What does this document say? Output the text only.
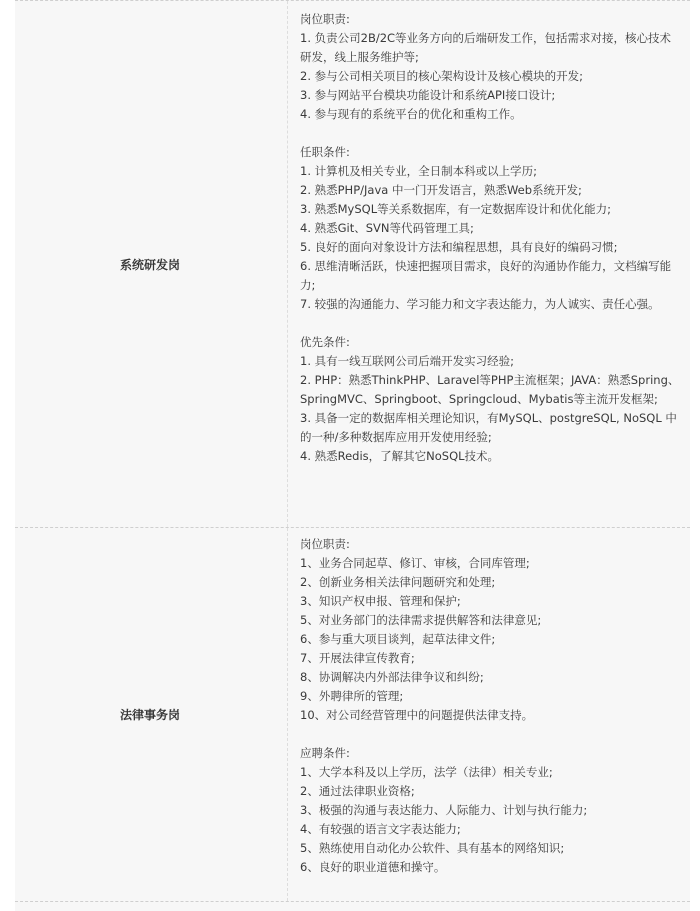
系统研发岗
岗位职责:
1. 负责公司2B/2C等业务方向的后端研发工作，包括需求对接，核心技术研发，线上服务维护等;
2. 参与公司相关项目的核心架构设计及核心模块的开发;
3. 参与网站平台模块功能设计和系统API接口设计;
4. 参与现有的系统平台的优化和重构工作。
任职条件:
1. 计算机及相关专业，全日制本科或以上学历;
2. 熟悉PHP/Java 中一门开发语言，熟悉Web系统开发;
3. 熟悉MySQL等关系数据库，有一定数据库设计和优化能力;
4. 熟悉Git、SVN等代码管理工具;
5. 良好的面向对象设计方法和编程思想，具有良好的编码习惯;
6. 思维清晰活跃，快速把握项目需求，良好的沟通协作能力，文档编写能力;
7. 较强的沟通能力、学习能力和文字表达能力，为人诚实、责任心强。
优先条件:
1. 具有一线互联网公司后端开发实习经验;
2. PHP：熟悉ThinkPHP、Laravel等PHP主流框架；JAVA：熟悉Spring、SpringMVC、Springboot、Springcloud、Mybatis等主流开发框架;
3. 具备一定的数据库相关理论知识，有MySQL、postgreSQL, NoSQL 中的一种/多种数据库应用开发使用经验;
4. 熟悉Redis，了解其它NoSQL技术。
法律事务岗
岗位职责:
1、业务合同起草、修订、审核，合同库管理;
2、创新业务相关法律问题研究和处理;
3、知识产权申报、管理和保护;
5、对业务部门的法律需求提供解答和法律意见;
6、参与重大项目谈判，起草法律文件;
7、开展法律宣传教育;
8、协调解决内外部法律争议和纠纷;
9、外聘律所的管理;
10、对公司经营管理中的问题提供法律支持。
应聘条件:
1、大学本科及以上学历，法学（法律）相关专业;
2、通过法律职业资格;
3、极强的沟通与表达能力、人际能力、计划与执行能力;
4、有较强的语言文字表达能力;
5、熟练使用自动化办公软件、具有基本的网络知识;
6、良好的职业道德和操守。
